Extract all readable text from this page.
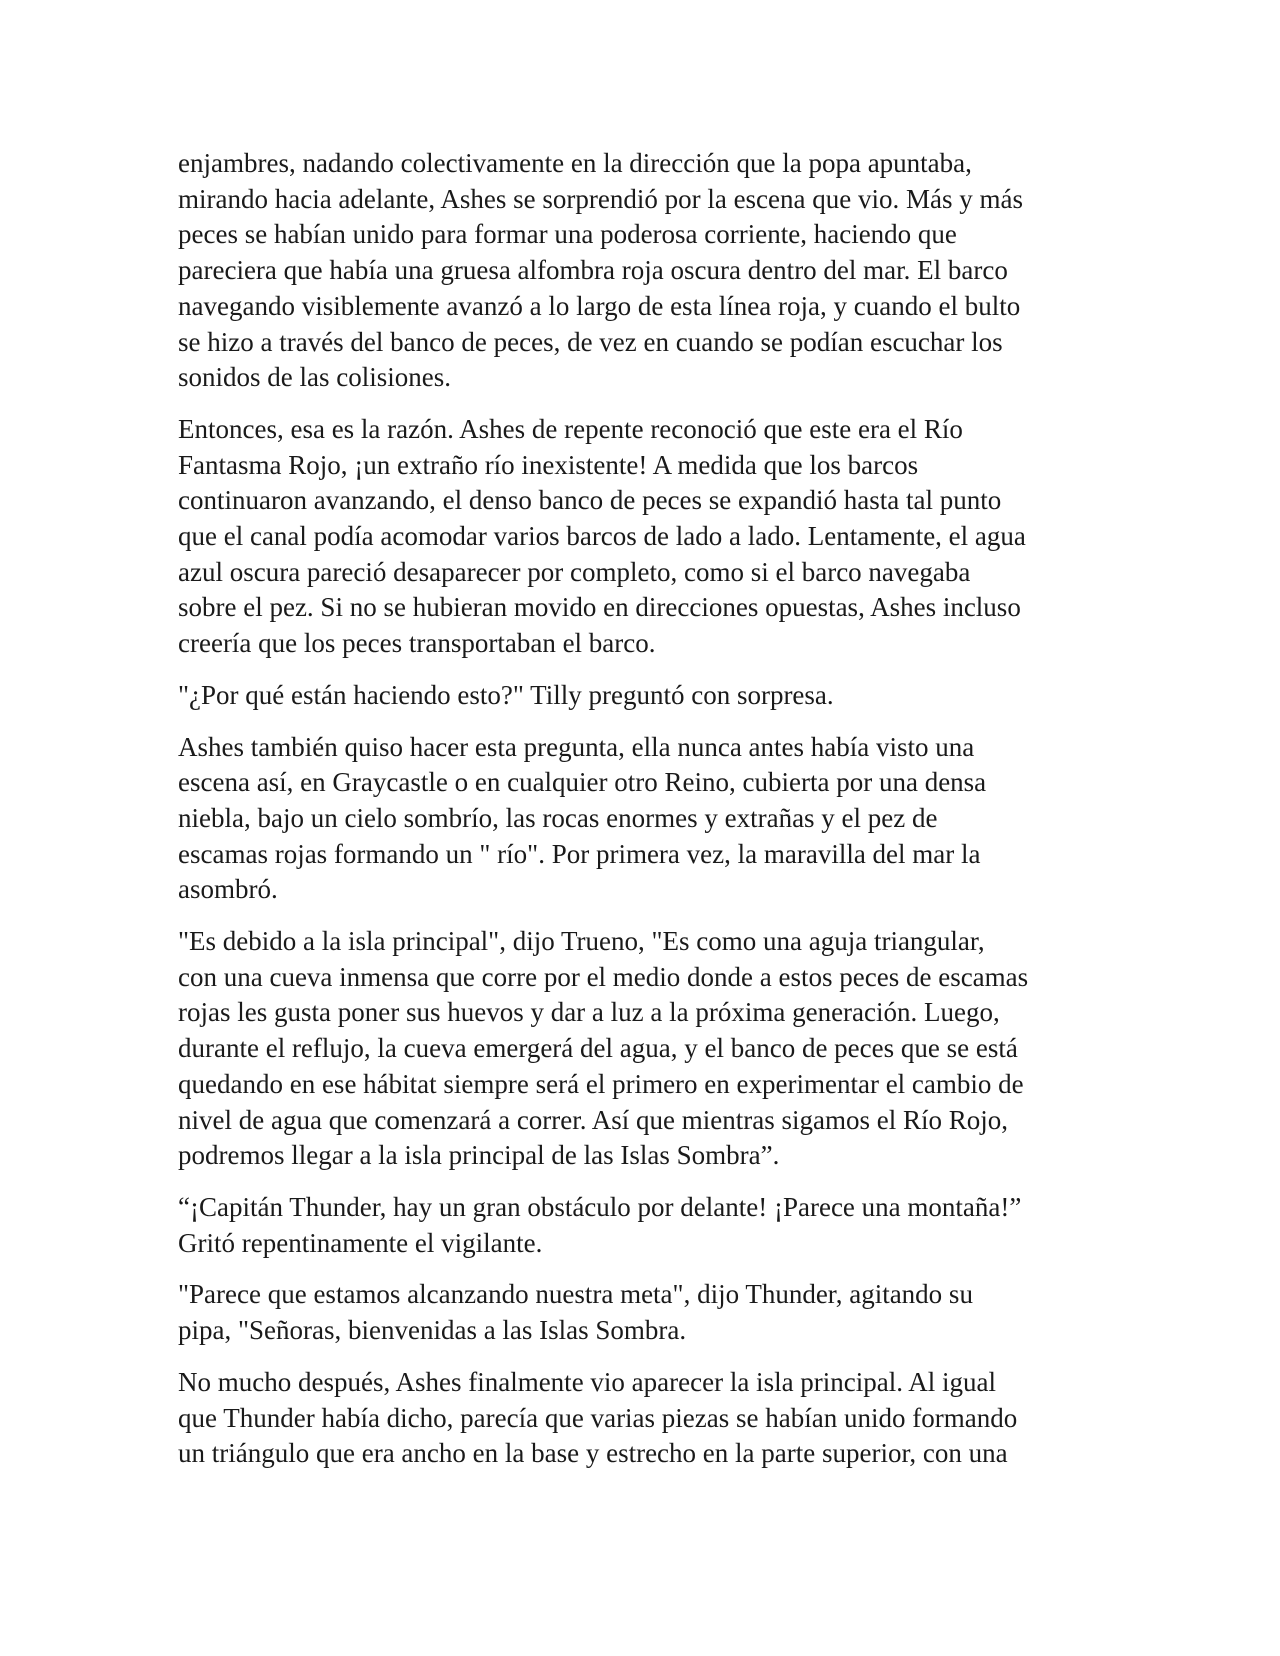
enjambres, nadando colectivamente en la dirección que la popa apuntaba,
mirando hacia adelante, Ashes se sorprendió por la escena que vio. Más y más
peces se habían unido para formar una poderosa corriente, haciendo que
pareciera que había una gruesa alfombra roja oscura dentro del mar. El barco
navegando visiblemente avanzó a lo largo de esta línea roja, y cuando el bulto
se hizo a través del banco de peces, de vez en cuando se podían escuchar los
sonidos de las colisiones.

Entonces, esa es la razón. Ashes de repente reconoció que este era el Río
Fantasma Rojo, ¡un extraño río inexistente! A medida que los barcos
continuaron avanzando, el denso banco de peces se expandió hasta tal punto
que el canal podía acomodar varios barcos de lado a lado. Lentamente, el agua
azul oscura pareció desaparecer por completo, como si el barco navegaba
sobre el pez. Si no se hubieran movido en direcciones opuestas, Ashes incluso
creería que los peces transportaban el barco.

"¿Por qué están haciendo esto?" Tilly preguntó con sorpresa.

Ashes también quiso hacer esta pregunta, ella nunca antes había visto una
escena así, en Graycastle o en cualquier otro Reino, cubierta por una densa
niebla, bajo un cielo sombrío, las rocas enormes y extrañas y el pez de
escamas rojas formando un " río". Por primera vez, la maravilla del mar la
asombró.

"Es debido a la isla principal", dijo Trueno, "Es como una aguja triangular,
con una cueva inmensa que corre por el medio donde a estos peces de escamas
rojas les gusta poner sus huevos y dar a luz a la próxima generación. Luego,
durante el reflujo, la cueva emergerá del agua, y el banco de peces que se está
quedando en ese hábitat siempre será el primero en experimentar el cambio de
nivel de agua que comenzará a correr. Así que mientras sigamos el Río Rojo,
podremos llegar a la isla principal de las Islas Sombra”.

“¡Capitán Thunder, hay un gran obstáculo por delante! ¡Parece una montaña!”
Gritó repentinamente el vigilante.

"Parece que estamos alcanzando nuestra meta", dijo Thunder, agitando su
pipa, "Señoras, bienvenidas a las Islas Sombra.

No mucho después, Ashes finalmente vio aparecer la isla principal. Al igual
que Thunder había dicho, parecía que varias piezas se habían unido formando
un triángulo que era ancho en la base y estrecho en la parte superior, con una
